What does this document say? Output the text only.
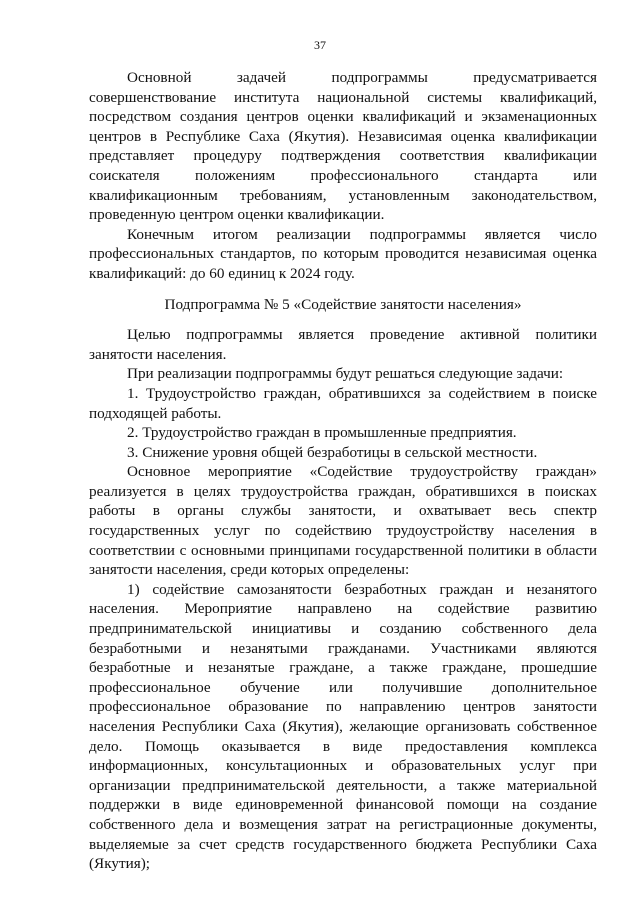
37

Основной задачей подпрограммы предусматривается совершенствование института национальной системы квалификаций, посредством создания центров оценки квалификаций и экзаменационных центров в Республике Саха (Якутия). Независимая оценка квалификации представляет процедуру подтверждения соответствия квалификации соискателя положениям профессионального стандарта или квалификационным требованиям, установленным законодательством, проведенную центром оценки квалификации.

Конечным итогом реализации подпрограммы является число профессиональных стандартов, по которым проводится независимая оценка квалификаций: до 60 единиц к 2024 году.

Подпрограмма № 5 «Содействие занятости населения»

Целью подпрограммы является проведение активной политики занятости населения.

При реализации подпрограммы будут решаться следующие задачи:

1. Трудоустройство граждан, обратившихся за содействием в поиске подходящей работы.

2. Трудоустройство граждан в промышленные предприятия.

3. Снижение уровня общей безработицы в сельской местности.

Основное мероприятие «Содействие трудоустройству граждан» реализуется в целях трудоустройства граждан, обратившихся в поисках работы в органы службы занятости, и охватывает весь спектр государственных услуг по содействию трудоустройству населения в соответствии с основными принципами государственной политики в области занятости населения, среди которых определены:

1) содействие самозанятости безработных граждан и незанятого населения. Мероприятие направлено на содействие развитию предпринимательской инициативы и созданию собственного дела безработными и незанятыми гражданами. Участниками являются безработные и незанятые граждане, а также граждане, прошедшие профессиональное обучение или получившие дополнительное профессиональное образование по направлению центров занятости населения Республики Саха (Якутия), желающие организовать собственное дело. Помощь оказывается в виде предоставления комплекса информационных, консультационных и образовательных услуг при организации предпринимательской деятельности, а также материальной поддержки в виде единовременной финансовой помощи на создание собственного дела и возмещения затрат на регистрационные документы, выделяемые за счет средств государственного бюджета Республики Саха (Якутия);
